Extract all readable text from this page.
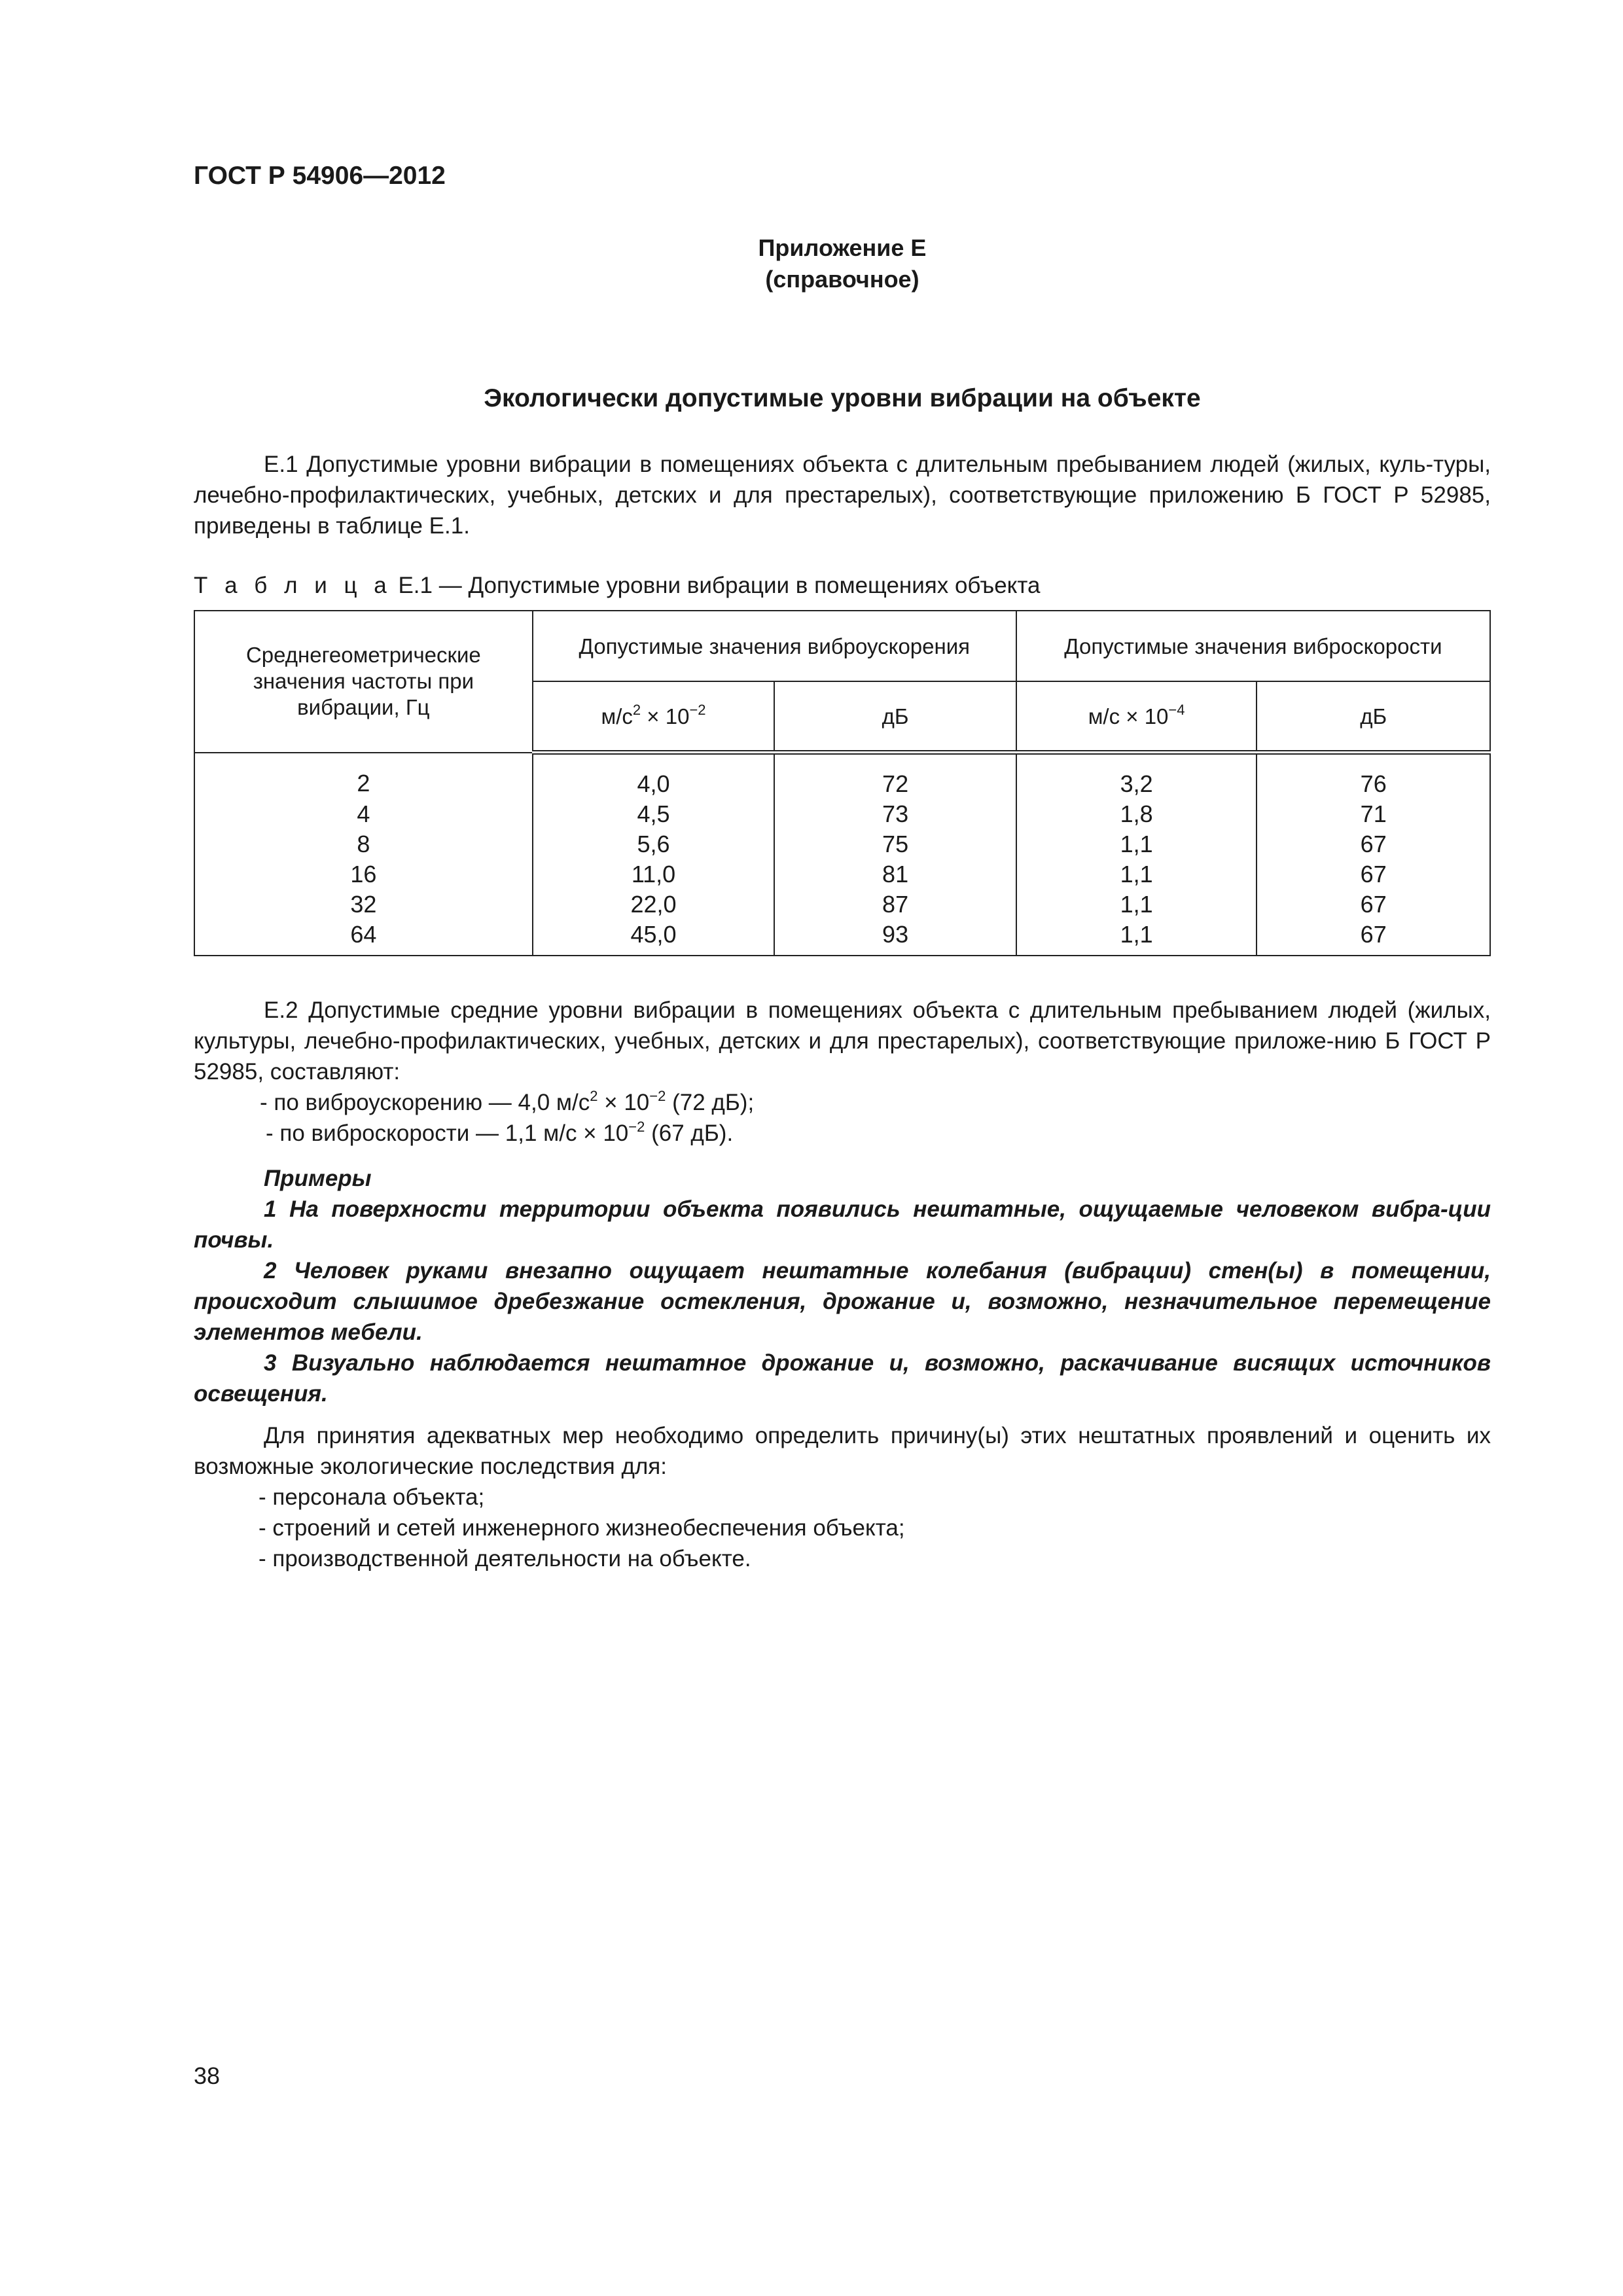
ГОСТ Р 54906—2012
Приложение Е
(справочное)
Экологически допустимые уровни вибрации на объекте

Е.1 Допустимые уровни вибрации в помещениях объекта с длительным пребыванием людей (жилых, куль-туры, лечебно-профилактических, учебных, детских и для престарелых), соответствующие приложению Б ГОСТ Р 52985, приведены в таблице Е.1.

Т а б л и ц а Е.1 — Допустимые уровни вибрации в помещениях объекта

Среднегеометрические значения частоты при вибрации, Гц	Допустимые значения виброускорения		Допустимые значения виброскорости	
	$м/с^2 \times 10^{-2}$	дБ	$м/с \times 10^{-4}$	дБ
2	4,0	72	3,2	76
4	4,5	73	1,8	71
8	5,6	75	1,1	67
16	11,0	81	1,1	67
32	22,0	87	1,1	67
64	45,0	93	1,1	67

Е.2 Допустимые средние уровни вибрации в помещениях объекта с длительным пребыванием людей (жилых, культуры, лечебно-профилактических, учебных, детских и для престарелых), соответствующие приложе-нию Б ГОСТ Р 52985, составляют:

- по виброускорению — 4,0 $м/с^2 \times 10^{-2}$ (72 дБ);

- по виброскорости — 1,1 $м/с \times 10^{-2}$ (67 дБ).

Примеры

1 На поверхности территории объекта появились нештатные, ощущаемые человеком вибра-ции почвы.

2 Человек руками внезапно ощущает нештатные колебания (вибрации) стен(ы) в помещении, происходит слышимое дребезжание остекления, дрожание и, возможно, незначительное перемещение элементов мебели.

3 Визуально наблюдается нештатное дрожание и, возможно, раскачивание висящих источников освещения.

Для принятия адекватных мер необходимо определить причину(ы) этих нештатных проявлений и оценить их возможные экологические последствия для:

- персонала объекта;

- строений и сетей инженерного жизнеобеспечения объекта;

- производственной деятельности на объекте.

38
